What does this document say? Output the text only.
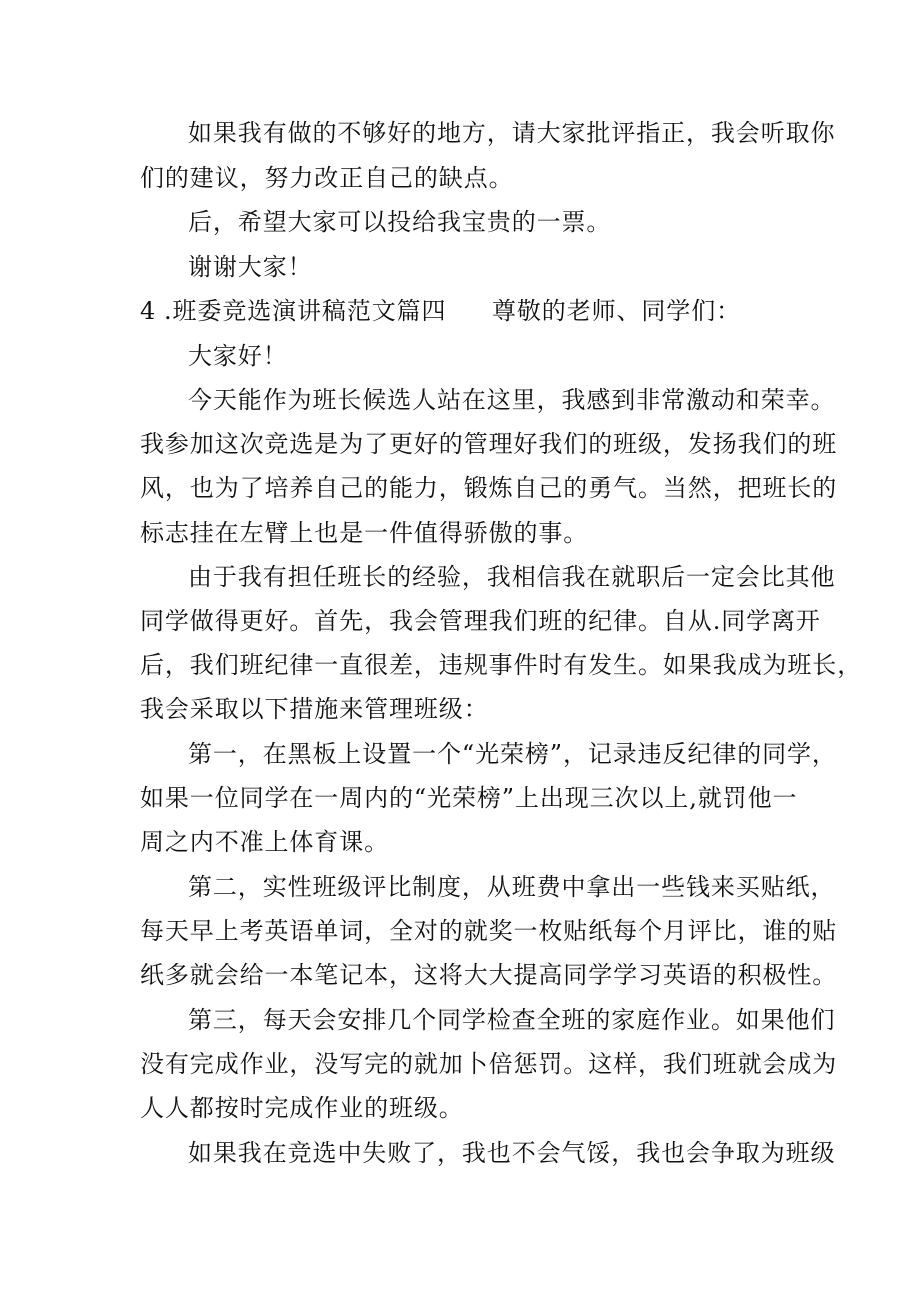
如果我有做的不够好的地方，请大家批评指正，我会听取你
们的建议，努力改正自己的缺点。
后，希望大家可以投给我宝贵的一票。
谢谢大家！
4 .班委竞选演讲稿范文篇四 尊敬的老师、同学们：
大家好！
今天能作为班长候选人站在这里，我感到非常激动和荣幸。
我参加这次竞选是为了更好的管理好我们的班级，发扬我们的班
风，也为了培养自己的能力，锻炼自己的勇气。当然，把班长的
标志挂在左臂上也是一件值得骄傲的事。
由于我有担任班长的经验，我相信我在就职后一定会比其他
同学做得更好。首先，我会管理我们班的纪律。自从.同学离开
后，我们班纪律一直很差，违规事件时有发生。如果我成为班长，
我会采取以下措施来管理班级：
第一，在黑板上设置一个“光荣榜”，记录违反纪律的同学，
如果一位同学在一周内的“光荣榜”上出现三次以上,就罚他一
周之内不准上体育课。
第二，实性班级评比制度，从班费中拿出一些钱来买贴纸，
每天早上考英语单词，全对的就奖一枚贴纸每个月评比，谁的贴
纸多就会给一本笔记本，这将大大提高同学学习英语的积极性。
第三，每天会安排几个同学检查全班的家庭作业。如果他们
没有完成作业，没写完的就加卜倍惩罚。这样，我们班就会成为
人人都按时完成作业的班级。
如果我在竞选中失败了，我也不会气馁，我也会争取为班级
